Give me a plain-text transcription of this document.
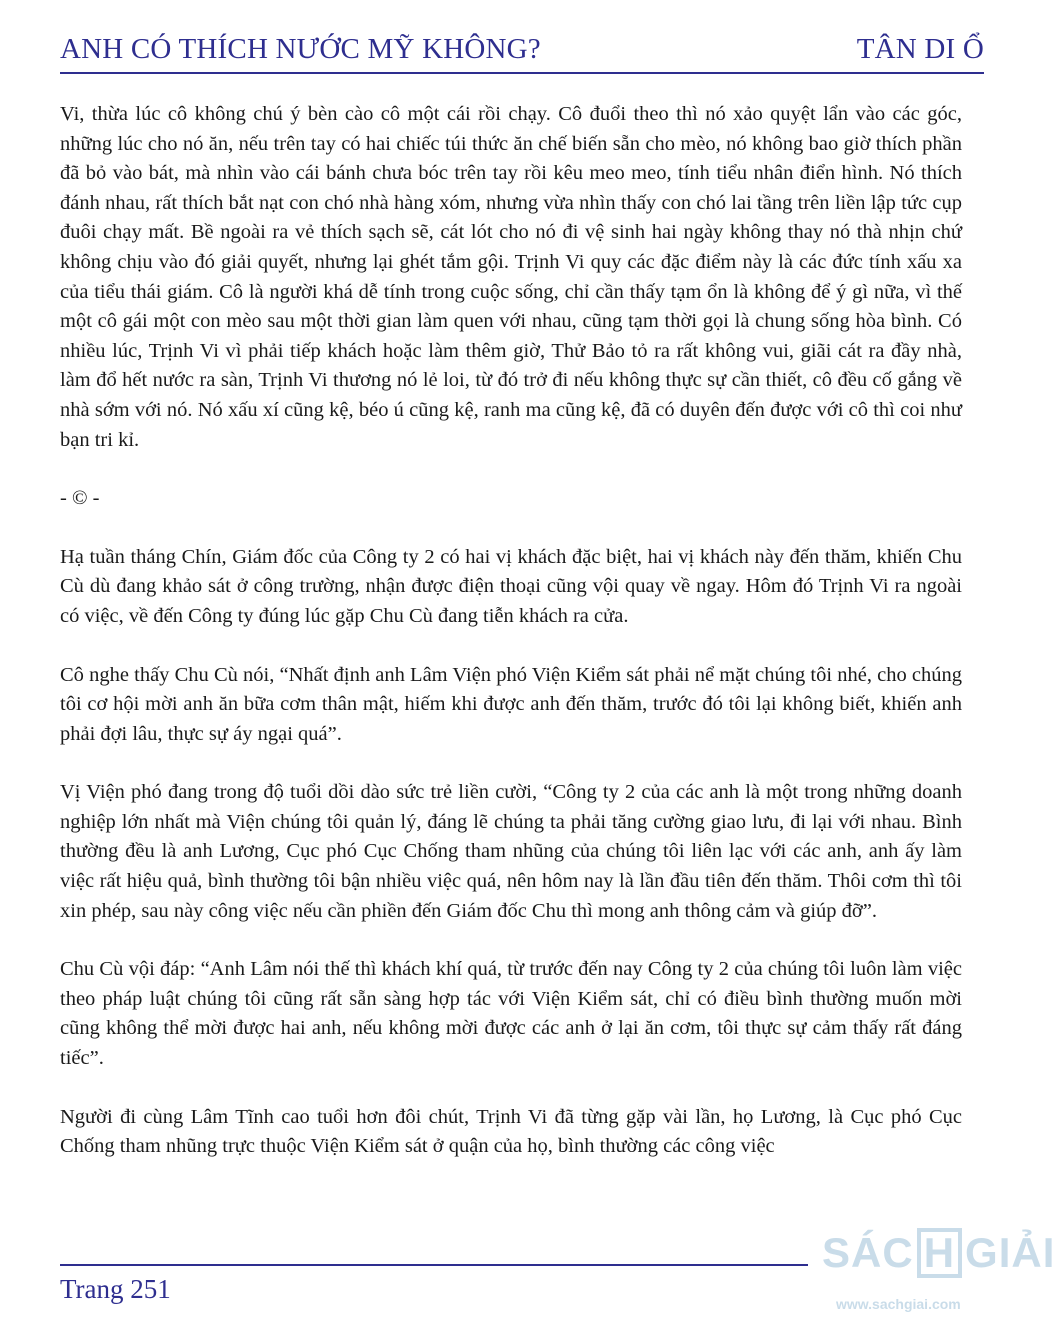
ANH CÓ THÍCH NƯỚC MỸ KHÔNG?	TÂN DI Ổ

Vi, thừa lúc cô không chú ý bèn cào cô một cái rồi chạy. Cô đuổi theo thì nó xảo quyệt lẩn vào các góc, những lúc cho nó ăn, nếu trên tay có hai chiếc túi thức ăn chế biến sẵn cho mèo, nó không bao giờ thích phần đã bỏ vào bát, mà nhìn vào cái bánh chưa bóc trên tay rồi kêu meo meo, tính tiểu nhân điển hình. Nó thích đánh nhau, rất thích bắt nạt con chó nhà hàng xóm, nhưng vừa nhìn thấy con chó lai tầng trên liền lập tức cụp đuôi chạy mất. Bề ngoài ra vẻ thích sạch sẽ, cát lót cho nó đi vệ sinh hai ngày không thay nó thà nhịn chứ không chịu vào đó giải quyết, nhưng lại ghét tắm gội. Trịnh Vi quy các đặc điểm này là các đức tính xấu xa của tiểu thái giám. Cô là người khá dễ tính trong cuộc sống, chỉ cần thấy tạm ổn là không để ý gì nữa, vì thế một cô gái một con mèo sau một thời gian làm quen với nhau, cũng tạm thời gọi là chung sống hòa bình. Có nhiều lúc, Trịnh Vi vì phải tiếp khách hoặc làm thêm giờ, Thử Bảo tỏ ra rất không vui, giãi cát ra đầy nhà, làm đổ hết nước ra sàn, Trịnh Vi thương nó lẻ loi, từ đó trở đi nếu không thực sự cần thiết, cô đều cố gắng về nhà sớm với nó. Nó xấu xí cũng kệ, béo ú cũng kệ, ranh ma cũng kệ, đã có duyên đến được với cô thì coi như bạn tri kỉ.

- © -

Hạ tuần tháng Chín, Giám đốc của Công ty 2 có hai vị khách đặc biệt, hai vị khách này đến thăm, khiến Chu Cù dù đang khảo sát ở công trường, nhận được điện thoại cũng vội quay về ngay. Hôm đó Trịnh Vi ra ngoài có việc, về đến Công ty đúng lúc gặp Chu Cù đang tiễn khách ra cửa.

Cô nghe thấy Chu Cù nói, “Nhất định anh Lâm Viện phó Viện Kiểm sát phải nể mặt chúng tôi nhé, cho chúng tôi cơ hội mời anh ăn bữa cơm thân mật, hiếm khi được anh đến thăm, trước đó tôi lại không biết, khiến anh phải đợi lâu, thực sự áy ngại quá”.

Vị Viện phó đang trong độ tuổi dồi dào sức trẻ liền cười, “Công ty 2 của các anh là một trong những doanh nghiệp lớn nhất mà Viện chúng tôi quản lý, đáng lẽ chúng ta phải tăng cường giao lưu, đi lại với nhau. Bình thường đều là anh Lương, Cục phó Cục Chống tham nhũng của chúng tôi liên lạc với các anh, anh ấy làm việc rất hiệu quả, bình thường tôi bận nhiều việc quá, nên hôm nay là lần đầu tiên đến thăm. Thôi cơm thì tôi xin phép, sau này công việc nếu cần phiền đến Giám đốc Chu thì mong anh thông cảm và giúp đỡ”.

Chu Cù vội đáp: “Anh Lâm nói thế thì khách khí quá, từ trước đến nay Công ty 2 của chúng tôi luôn làm việc theo pháp luật chúng tôi cũng rất sẵn sàng hợp tác với Viện Kiểm sát, chỉ có điều bình thường muốn mời cũng không thể mời được hai anh, nếu không mời được các anh ở lại ăn cơm, tôi thực sự cảm thấy rất đáng tiếc”.

Người đi cùng Lâm Tĩnh cao tuổi hơn đôi chút, Trịnh Vi đã từng gặp vài lần, họ Lương, là Cục phó Cục Chống tham nhũng trực thuộc Viện Kiểm sát ở quận của họ, bình thường các công việc

Trang 251
SÁC H GIẢI
www.sachgiai.com
